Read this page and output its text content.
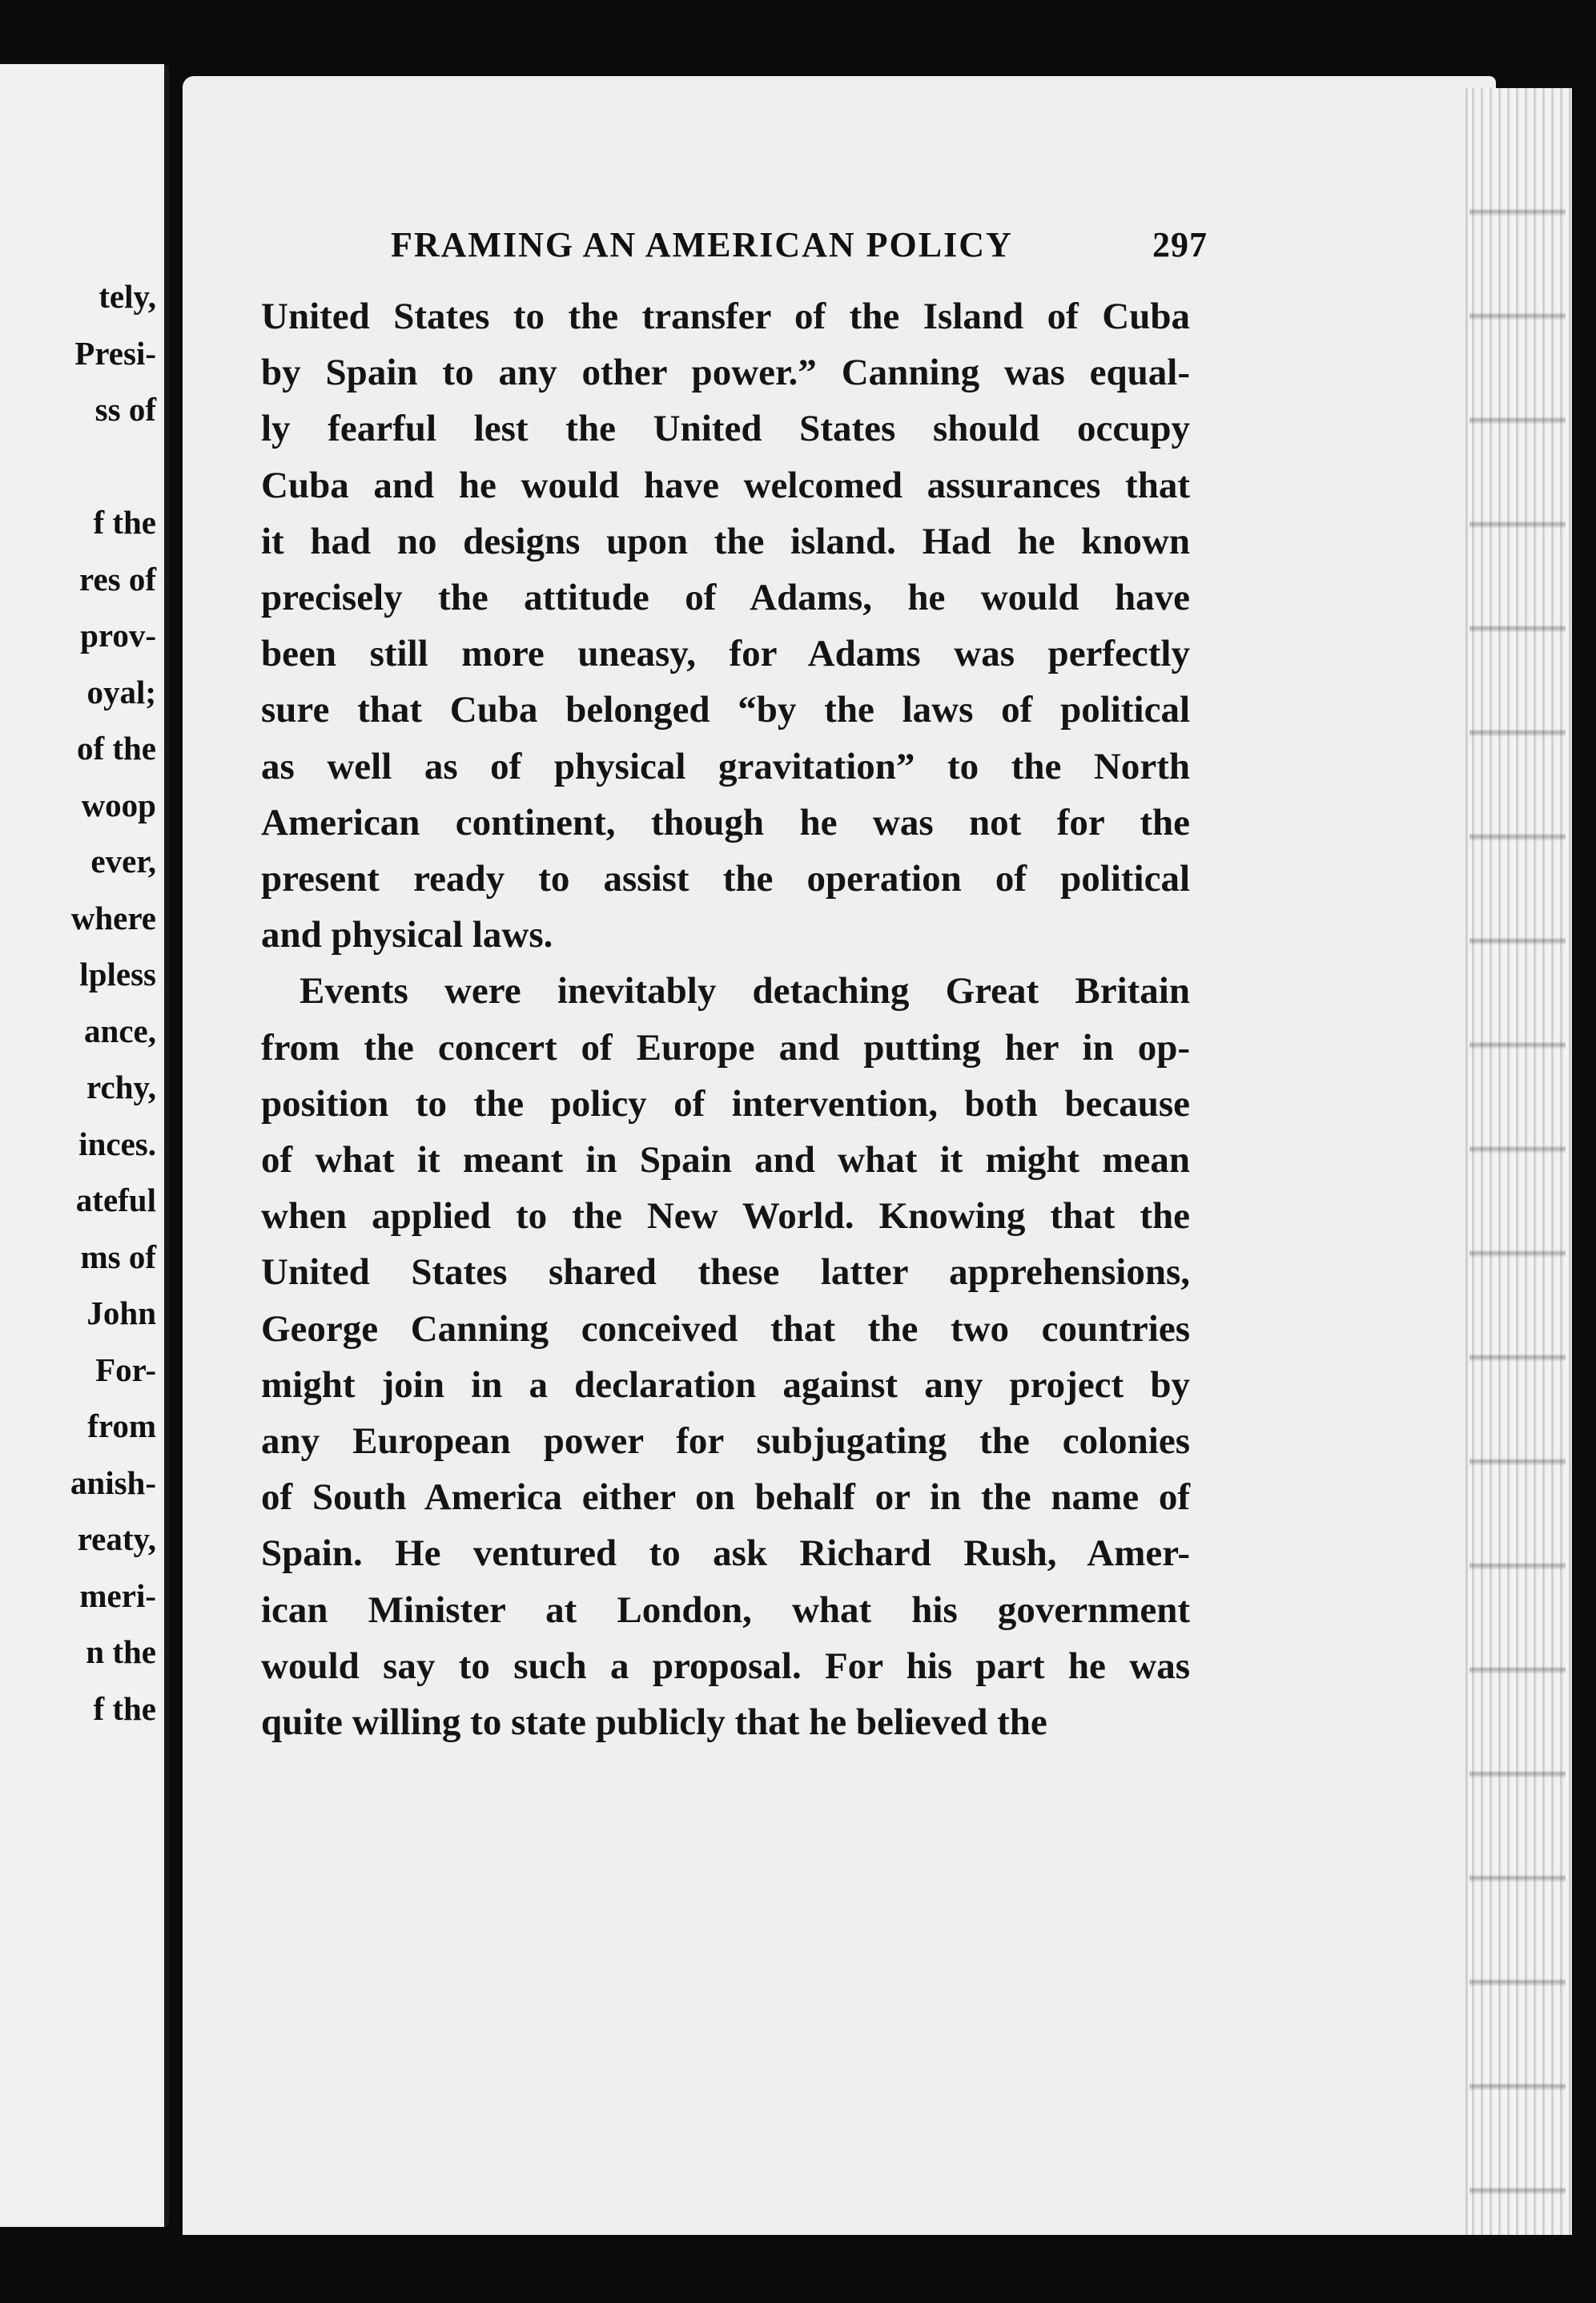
tely,
Presi-
ss of

f the
res of
prov-
oyal;
of the
woop
ever,
where
lpless
ance,
rchy,
inces.
ateful
ms of
John
For-
from
anish-
reaty,
meri-
n the
f the
FRAMING AN AMERICAN POLICY	297
United States to the transfer of the Island of Cuba
by Spain to any other power.” Canning was equal-
ly fearful lest the United States should occupy
Cuba and he would have welcomed assurances that
it had no designs upon the island. Had he known
precisely the attitude of Adams, he would have
been still more uneasy, for Adams was perfectly
sure that Cuba belonged “by the laws of political
as well as of physical gravitation” to the North
American continent, though he was not for the
present ready to assist the operation of political
and physical laws.
Events were inevitably detaching Great Britain
from the concert of Europe and putting her in op-
position to the policy of intervention, both because
of what it meant in Spain and what it might mean
when applied to the New World. Knowing that the
United States shared these latter apprehensions,
George Canning conceived that the two countries
might join in a declaration against any project by
any European power for subjugating the colonies
of South America either on behalf or in the name of
Spain. He ventured to ask Richard Rush, Amer-
ican Minister at London, what his government
would say to such a proposal. For his part he was
quite willing to state publicly that he believed the
